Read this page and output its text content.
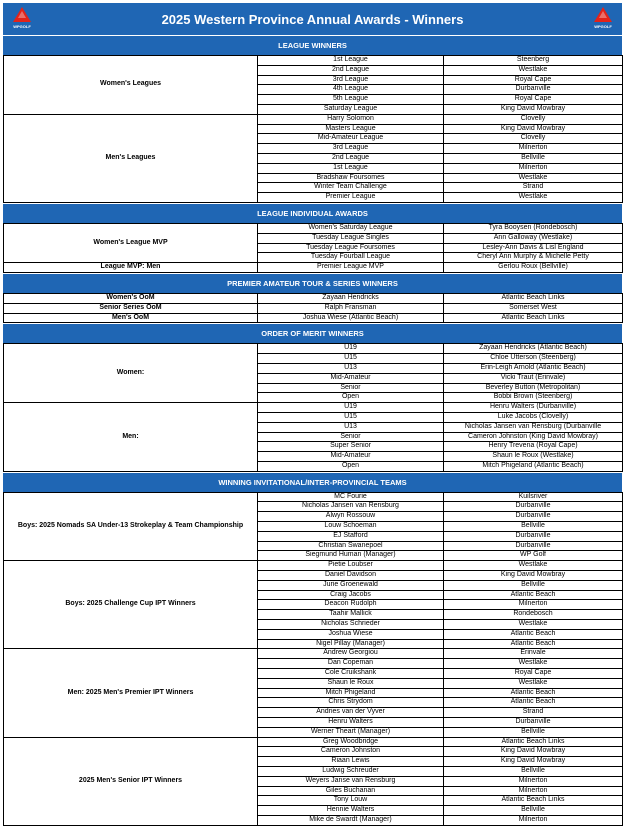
WPGOLF	2025 Western Province Annual Awards - Winners	WPGOLF
LEAGUE WINNERS
Women's Leagues	1st League	Steenberg
	2nd League	Westlake
	3rd League	Royal Cape
	4th League	Durbanville
	5th League	Royal Cape
	Saturday League	King David Mowbray
Men's Leagues	Harry Solomon	Clovelly
	Masters League	King David Mowbray
	Mid-Amateur League	Clovelly
	3rd League	Milnerton
	2nd League	Bellville
	1st League	Milnerton
	Bradshaw Foursomes	Westlake
	Winter Team Challenge	Strand
	Premier League	Westlake
LEAGUE INDIVIDUAL AWARDS
Women's League MVP	Women's Saturday League	Tyra Booysen (Rondebosch)
	Tuesday League Singles	Ann Galloway (Westlake)
	Tuesday League Foursomes	Lesley-Ann Davis & Lisl England
	Tuesday Fourball League	Cheryl Ann Murphy & Michelle Petty
League MVP: Men	Premier League MVP	Gerlou Roux (Bellville)
PREMIER AMATEUR TOUR & SERIES WINNERS
Women's OoM	Zayaan Hendricks	Atlantic Beach Links
Senior Series OoM	Ralph Fransman	Somerset West
Men's OoM	Joshua Wiese (Atlantic Beach)	Atlantic Beach Links
ORDER OF MERIT WINNERS
Women:	U19	Zayaan Hendricks (Atlantic Beach)
	U15	Chloe Utterson (Steenberg)
	U13	Erin-Leigh Arnold (Atlantic Beach)
	Mid-Amateur	Vicki Traut (Erinvale)
	Senior	Beverley Button (Metropolitan)
	Open	Bobbi Brown (Steenberg)
Men:	U19	Henru Walters (Durbanville)
	U15	Luke Jacobs (Clovelly)
	U13	Nicholas Jansen van Rensburg (Durbanville
	Senior	Cameron Johnston (King David Mowbray)
	Super Senior	Henry Trevena (Royal Cape)
	Mid-Amateur	Shaun le Roux (Westlake)
	Open	Mitch Phigeland (Atlantic Beach)
WINNING INVITATIONAL/INTER-PROVINCIAL TEAMS
Boys: 2025 Nomads SA Under-13 Strokeplay & Team Championship	MC Fourie	Kuilsriver
	Nicholas Jansen van Rensburg	Durbanville
	Alwyn Rossouw	Durbanville
	Louw Schoeman	Bellville
	EJ Stafford	Durbanville
	Christian Swanepoel	Durbanville
	Siegmund Human (Manager)	WP Golf
Boys: 2025 Challenge Cup IPT Winners	Pietie Loubser	Westlake
	Daniel Davidson	King David Mowbray
	Jurie Groenewald	Bellville
	Craig Jacobs	Atlantic Beach
	Deacon Rudolph	Milnerton
	Taahir Mallick	Rondebosch
	Nicholas Schrieder	Westlake
	Joshua Wiese	Atlantic Beach
	Nigel Pillay (Manager)	Atlantic Beach
Men: 2025 Men's Premier IPT Winners	Andrew Georgiou	Erinvale
	Dan Copeman	Westlake
	Cole Cruikshank	Royal Cape
	Shaun le Roux	Westlake
	Mitch Phigeland	Atlantic Beach
	Chris Strydom	Atlantic Beach
	Andries van der Vyver	Strand
	Henru Walters	Durbanville
	Werner Theart (Manager)	Bellville
2025 Men's Senior IPT Winners	Greg Woodbridge	Atlantic Beach Links
	Cameron Johnston	King David Mowbray
	Riaan Lewis	King David Mowbray
	Ludwig Schreuder	Bellville
	Weyers Janse van Rensburg	Milnerton
	Giles Buchanan	Milnerton
	Tony Louw	Atlantic Beach Links
	Hennie Walters	Bellville
	Mike de Swardt (Manager)	Milnerton
